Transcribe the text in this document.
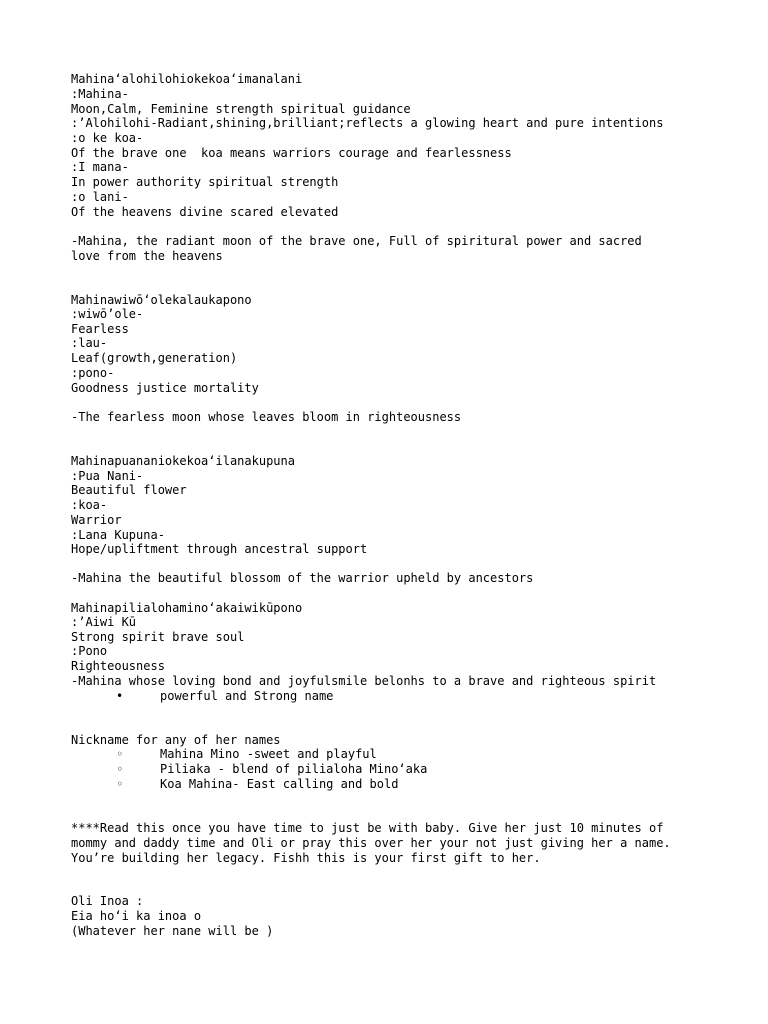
Mahinaʻalohilohiokekoaʻimanalani
:Mahina-
Moon,Calm, Feminine strength spiritual guidance
:’Alohilohi-Radiant,shining,brilliant;reflects a glowing heart and pure intentions
:o ke koa-
Of the brave one  koa means warriors courage and fearlessness
:I mana-
In power authority spiritual strength
:o lani-
Of the heavens divine scared elevated
-Mahina, the radiant moon of the brave one, Full of spiritural power and sacred
love from the heavens
Mahinawiwōʻolekalaukapono
:wiwō’ole-
Fearless
:lau-
Leaf(growth,generation)
:pono-
Goodness justice mortality
-The fearless moon whose leaves bloom in righteousness
Mahinapuananiokekoaʻilanakupuna
:Pua Nani-
Beautiful flower
:koa-
Warrior
:Lana Kupuna-
Hope/upliftment through ancestral support
-Mahina the beautiful blossom of the warrior upheld by ancestors
Mahinapilialohaminoʻakaiwikūpono
:’Aiwi Kū
Strong spirit brave soul
:Pono
Righteousness
-Mahina whose loving bond and joyfulsmile belonhs to a brave and righteous spirit
•	powerful and Strong name
Nickname for any of her names
◦	Mahina Mino -sweet and playful
◦	Piliaka - blend of pilialoha Minoʻaka
◦	Koa Mahina- East calling and bold
****Read this once you have time to just be with baby. Give her just 10 minutes of
mommy and daddy time and Oli or pray this over her your not just giving her a name.
You’re building her legacy. Fishh this is your first gift to her.
Oli Inoa :
Eia hoʻi ka inoa o
(Whatever her nane will be )
